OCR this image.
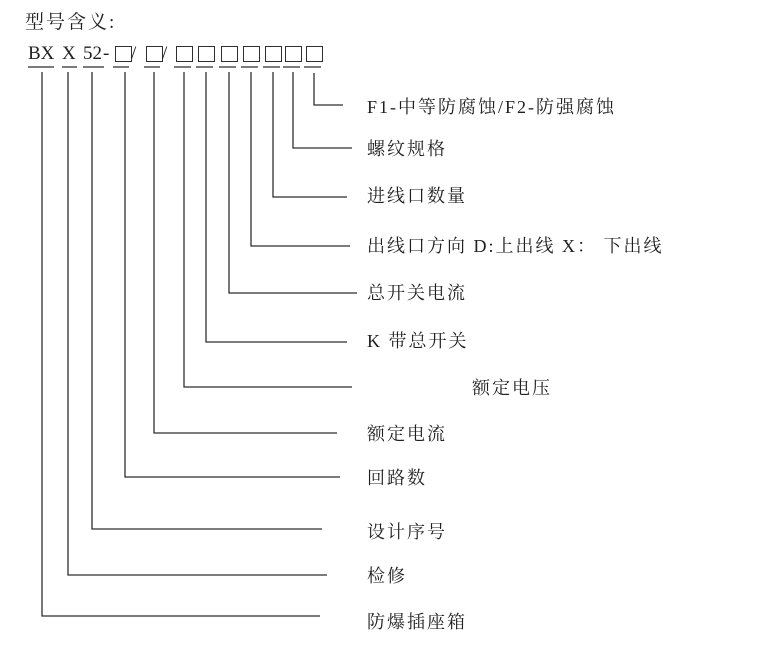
型号含义:
BX X 52 - / /
F1-中等防腐蚀/F2-防强腐蚀
螺纹规格
进线口数量
出线口方向 D:上出线 X： 下出线
总开关电流
K 带总开关
额定电压
额定电流
回路数
设计序号
检修
防爆插座箱
